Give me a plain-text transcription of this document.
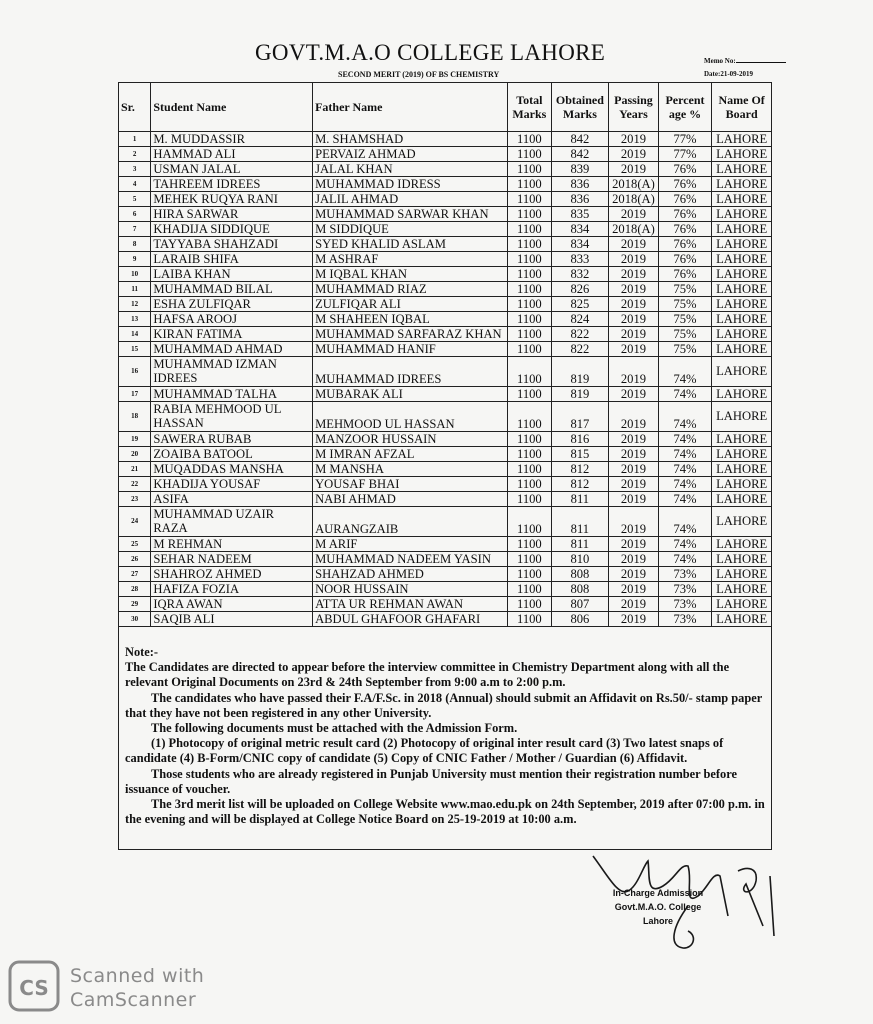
GOVT.M.A.O COLLEGE LAHORE
SECOND MERIT (2019) OF BS CHEMISTRY
Memo No:
Date:21-09-2019
Sr.	Student Name	Father Name	Total Marks	Obtained Marks	Passing Years	Percent age %	Name Of Board
1	M. MUDDASSIR	M. SHAMSHAD	1100	842	2019	77%	LAHORE
2	HAMMAD ALI	PERVAIZ AHMAD	1100	842	2019	77%	LAHORE
3	USMAN JALAL	JALAL KHAN	1100	839	2019	76%	LAHORE
4	TAHREEM IDREES	MUHAMMAD IDRESS	1100	836	2018(A)	76%	LAHORE
5	MEHEK RUQYA RANI	JALIL AHMAD	1100	836	2018(A)	76%	LAHORE
6	HIRA SARWAR	MUHAMMAD SARWAR KHAN	1100	835	2019	76%	LAHORE
7	KHADIJA SIDDIQUE	M SIDDIQUE	1100	834	2018(A)	76%	LAHORE
8	TAYYABA SHAHZADI	SYED KHALID ASLAM	1100	834	2019	76%	LAHORE
9	LARAIB SHIFA	M ASHRAF	1100	833	2019	76%	LAHORE
10	LAIBA KHAN	M IQBAL KHAN	1100	832	2019	76%	LAHORE
11	MUHAMMAD BILAL	MUHAMMAD RIAZ	1100	826	2019	75%	LAHORE
12	ESHA ZULFIQAR	ZULFIQAR ALI	1100	825	2019	75%	LAHORE
13	HAFSA AROOJ	M SHAHEEN IQBAL	1100	824	2019	75%	LAHORE
14	KIRAN FATIMA	MUHAMMAD SARFARAZ KHAN	1100	822	2019	75%	LAHORE
15	MUHAMMAD AHMAD	MUHAMMAD HANIF	1100	822	2019	75%	LAHORE
16	MUHAMMAD IZMAN IDREES	MUHAMMAD IDREES	1100	819	2019	74%	LAHORE
17	MUHAMMAD TALHA	MUBARAK ALI	1100	819	2019	74%	LAHORE
18	RABIA MEHMOOD UL HASSAN	MEHMOOD UL HASSAN	1100	817	2019	74%	LAHORE
19	SAWERA RUBAB	MANZOOR HUSSAIN	1100	816	2019	74%	LAHORE
20	ZOAIBA BATOOL	M IMRAN AFZAL	1100	815	2019	74%	LAHORE
21	MUQADDAS MANSHA	M MANSHA	1100	812	2019	74%	LAHORE
22	KHADIJA YOUSAF	YOUSAF BHAI	1100	812	2019	74%	LAHORE
23	ASIFA	NABI AHMAD	1100	811	2019	74%	LAHORE
24	MUHAMMAD UZAIR RAZA	AURANGZAIB	1100	811	2019	74%	LAHORE
25	M REHMAN	M ARIF	1100	811	2019	74%	LAHORE
26	SEHAR NADEEM	MUHAMMAD NADEEM YASIN	1100	810	2019	74%	LAHORE
27	SHAHROZ AHMED	SHAHZAD AHMED	1100	808	2019	73%	LAHORE
28	HAFIZA FOZIA	NOOR HUSSAIN	1100	808	2019	73%	LAHORE
29	IQRA AWAN	ATTA UR REHMAN AWAN	1100	807	2019	73%	LAHORE
30	SAQIB ALI	ABDUL GHAFOOR GHAFARI	1100	806	2019	73%	LAHORE

Note:-

The Candidates are directed to appear before the interview committee in Chemistry Department along with all the relevant Original Documents on 23rd & 24th September from 9:00 a.m to 2:00 p.m.

The candidates who have passed their F.A/F.Sc. in 2018 (Annual) should submit an Affidavit on Rs.50/- stamp paper that they have not been registered in any other University.

The following documents must be attached with the Admission Form.

(1) Photocopy of original metric result card (2) Photocopy of original inter result card (3) Two latest snaps of candidate (4) B-Form/CNIC copy of candidate (5) Copy of CNIC Father / Mother / Guardian (6) Affidavit.

Those students who are already registered in Punjab University must mention their registration number before issuance of voucher.

The 3rd merit list will be uploaded on College Website www.mao.edu.pk on 24th September, 2019 after 07:00 p.m. in the evening and will be displayed at College Notice Board on 25-19-2019 at 10:00 a.m.

In-Charge Admission
Govt.M.A.O. College
Lahore
CS Scanned with
CamScanner
